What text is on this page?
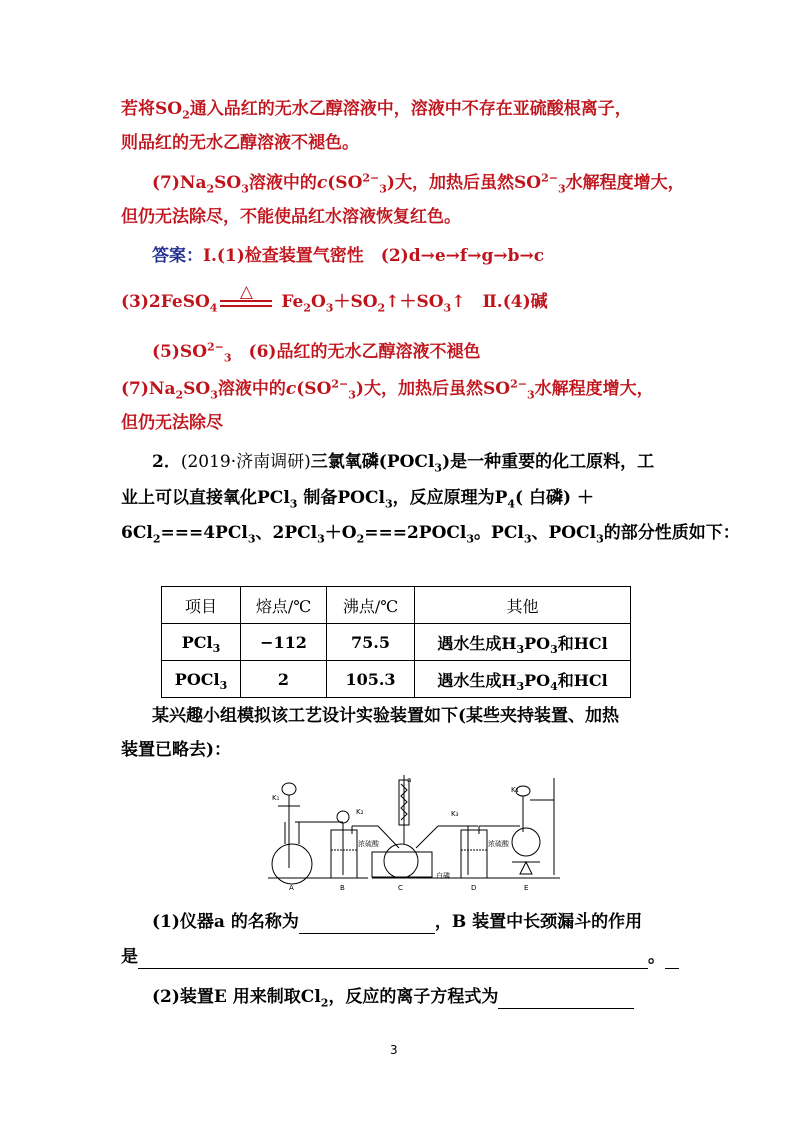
若将$SO_2$通入品红的无水乙醇溶液中，溶液中不存在亚硫酸根离子，
则品红的无水乙醇溶液不褪色。
$(7)Na_2SO_3$溶液中的$c(SO^{2-}_3)$大，加热后虽然$SO^{2-}_3$水解程度增大，
但仍无法除尽，不能使品红水溶液恢复红色。
答案：Ⅰ.(1)检查装置气密性　(2)d→e→f→g→b→c
(3)2FeSO$_4$
△	$Fe_2O_3+SO_2↑+SO_3↑$　Ⅱ.(4)碱
$(5)SO^{2-}_3$　(6)品红的无水乙醇溶液不褪色
$(7)Na_2SO_3$溶液中的$c(SO^{2-}_3)$大，加热后虽然$SO^{2-}_3$水解程度增大，
但仍无法除尽
2．(2019·济南调研)三氯氧磷(POCl$_3$)是一种重要的化工原料，工
业上可以直接氧化PCl$_3$ 制备POCl$_3$，反应原理为$P_4$( 白磷) ＋
$6Cl_2===4PCl_3$、$2PCl_3+O_2===2POCl_3$。PCl$_3$、POCl$_3$的部分性质如下：
项目	熔点/℃	沸点/℃	其他
PCl$_3$	−112	75.5	遇水生成$H_3PO_3$和HCl
POCl$_3$	2	105.3	遇水生成$H_3PO_4$和HCl
某兴趣小组模拟该工艺设计实验装置如下(某些夹持装置、加热
装置已略去)：
K₁
K₂
a
K₃
K₄
浓硫酸	浓硫酸
白磷
A	B	C	D	E
(1)仪器a 的名称为	，B 装置中长颈漏斗的作用
是	。
(2)装置E 用来制取$Cl_2$，反应的离子方程式为
3
